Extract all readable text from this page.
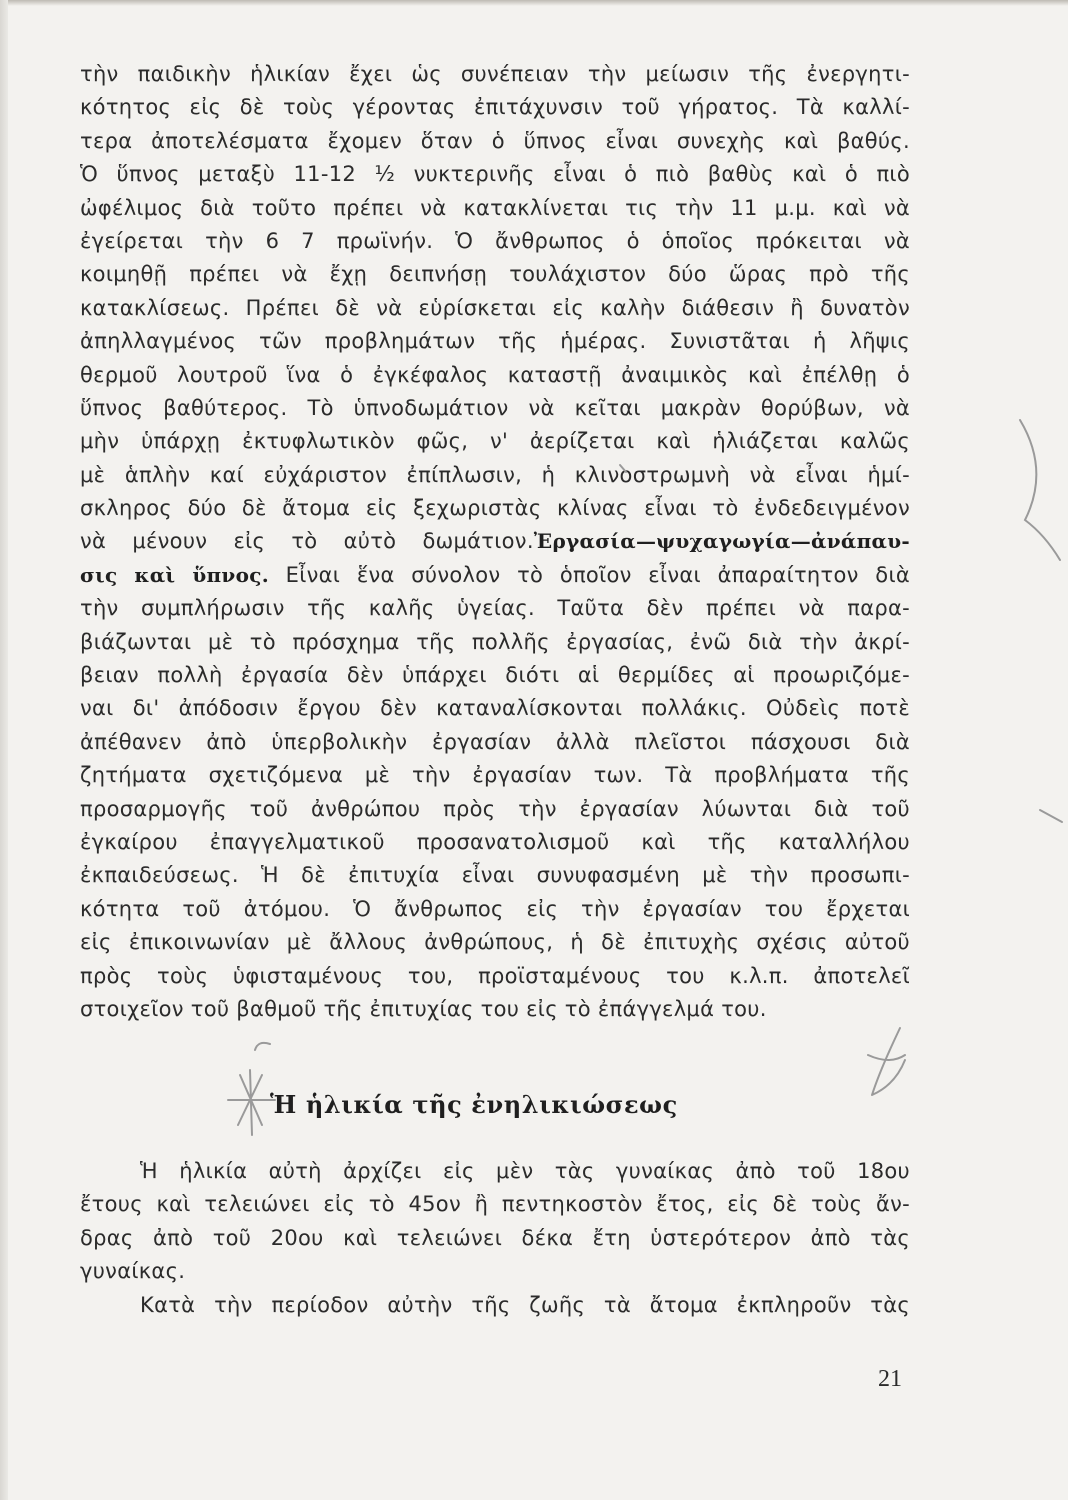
τὴν παιδικὴν ἡλικίαν ἔχει ὡς συνέπειαν τὴν μείωσιν τῆς ἐνεργητι-
κότητος εἰς δὲ τοὺς γέροντας ἐπιτάχυνσιν τοῦ γήρατος. Τὰ καλλί-
τερα ἀποτελέσματα ἔχομεν ὅταν ὁ ὕπνος εἶναι συνεχὴς καὶ βαθύς.
Ὁ ὕπνος μεταξὺ 11-12 ½ νυκτερινῆς εἶναι ὁ πιὸ βαθὺς καὶ ὁ πιὸ
ὠφέλιμος διὰ τοῦτο πρέπει νὰ κατακλίνεται τις τὴν 11 μ.μ. καὶ νὰ
ἐγείρεται τὴν 6 7 πρωϊνήν. Ὁ ἄνθρωπος ὁ ὁποῖος πρόκειται νὰ
κοιμηθῇ πρέπει νὰ ἔχῃ δειπνήσῃ τουλάχιστον δύο ὥρας πρὸ τῆς
κατακλίσεως. Πρέπει δὲ νὰ εὑρίσκεται εἰς καλὴν διάθεσιν ἢ δυνατὸν
ἀπηλλαγμένος τῶν προβλημάτων τῆς ἡμέρας. Συνιστᾶται ἡ λῆψις
θερμοῦ λουτροῦ ἵνα ὁ ἐγκέφαλος καταστῇ ἀναιμικὸς καὶ ἐπέλθῃ ὁ
ὕπνος βαθύτερος. Τὸ ὑπνοδωμάτιον νὰ κεῖται μακρὰν θορύβων, νὰ
μὴν ὑπάρχῃ ἐκτυφλωτικὸν φῶς, ν' ἀερίζεται καὶ ἡλιάζεται καλῶς
μὲ ἁπλὴν καί εὐχάριστον ἐπίπλωσιν, ἡ κλινοστρωμνὴ νὰ εἶναι ἡμί-
σκληρος δύο δὲ ἄτομα εἰς ξεχωριστὰς κλίνας εἶναι τὸ ἐνδεδειγμένον
νὰ μένουν εἰς τὸ αὐτὸ δωμάτιον.Ἐργασία—ψυχαγωγία—ἀνάπαυ-
σις καὶ ὕπνος. Εἶναι ἕνα σύνολον τὸ ὁποῖον εἶναι ἀπαραίτητον διὰ
τὴν συμπλήρωσιν τῆς καλῆς ὑγείας. Ταῦτα δὲν πρέπει νὰ παρα-
βιάζωνται μὲ τὸ πρόσχημα τῆς πολλῆς ἐργασίας, ἐνῶ διὰ τὴν ἀκρί-
βειαν πολλὴ ἐργασία δὲν ὑπάρχει διότι αἱ θερμίδες αἱ προωριζόμε-
ναι δι' ἀπόδοσιν ἔργου δὲν καταναλίσκονται πολλάκις. Οὐδεὶς ποτὲ
ἀπέθανεν ἀπὸ ὑπερβολικὴν ἐργασίαν ἀλλὰ πλεῖστοι πάσχουσι διὰ
ζητήματα σχετιζόμενα μὲ τὴν ἐργασίαν των. Τὰ προβλήματα τῆς
προσαρμογῆς τοῦ ἀνθρώπου πρὸς τὴν ἐργασίαν λύωνται διὰ τοῦ
ἐγκαίρου ἐπαγγελματικοῦ προσανατολισμοῦ καὶ τῆς καταλλήλου
ἐκπαιδεύσεως. Ἡ δὲ ἐπιτυχία εἶναι συνυφασμένη μὲ τὴν προσωπι-
κότητα τοῦ ἀτόμου. Ὁ ἄνθρωπος εἰς τὴν ἐργασίαν του ἔρχεται
εἰς ἐπικοινωνίαν μὲ ἄλλους ἀνθρώπους, ἡ δὲ ἐπιτυχὴς σχέσις αὐτοῦ
πρὸς τοὺς ὑφισταμένους του, προϊσταμένους του κ.λ.π. ἀποτελεῖ
στοιχεῖον τοῦ βαθμοῦ τῆς ἐπιτυχίας του εἰς τὸ ἐπάγγελμά του.
Ἡ ἡλικία τῆς ἐνηλικιώσεως
Ἡ ἡλικία αὐτὴ ἀρχίζει εἰς μὲν τὰς γυναίκας ἀπὸ τοῦ 18ου
ἔτους καὶ τελειώνει εἰς τὸ 45ον ἢ πεντηκοστὸν ἔτος, εἰς δὲ τοὺς ἄν-
δρας ἀπὸ τοῦ 20ου καὶ τελειώνει δέκα ἔτη ὑστερότερον ἀπὸ τὰς
γυναίκας.
Κατὰ τὴν περίοδον αὐτὴν τῆς ζωῆς τὰ ἄτομα ἐκπληροῦν τὰς
21
